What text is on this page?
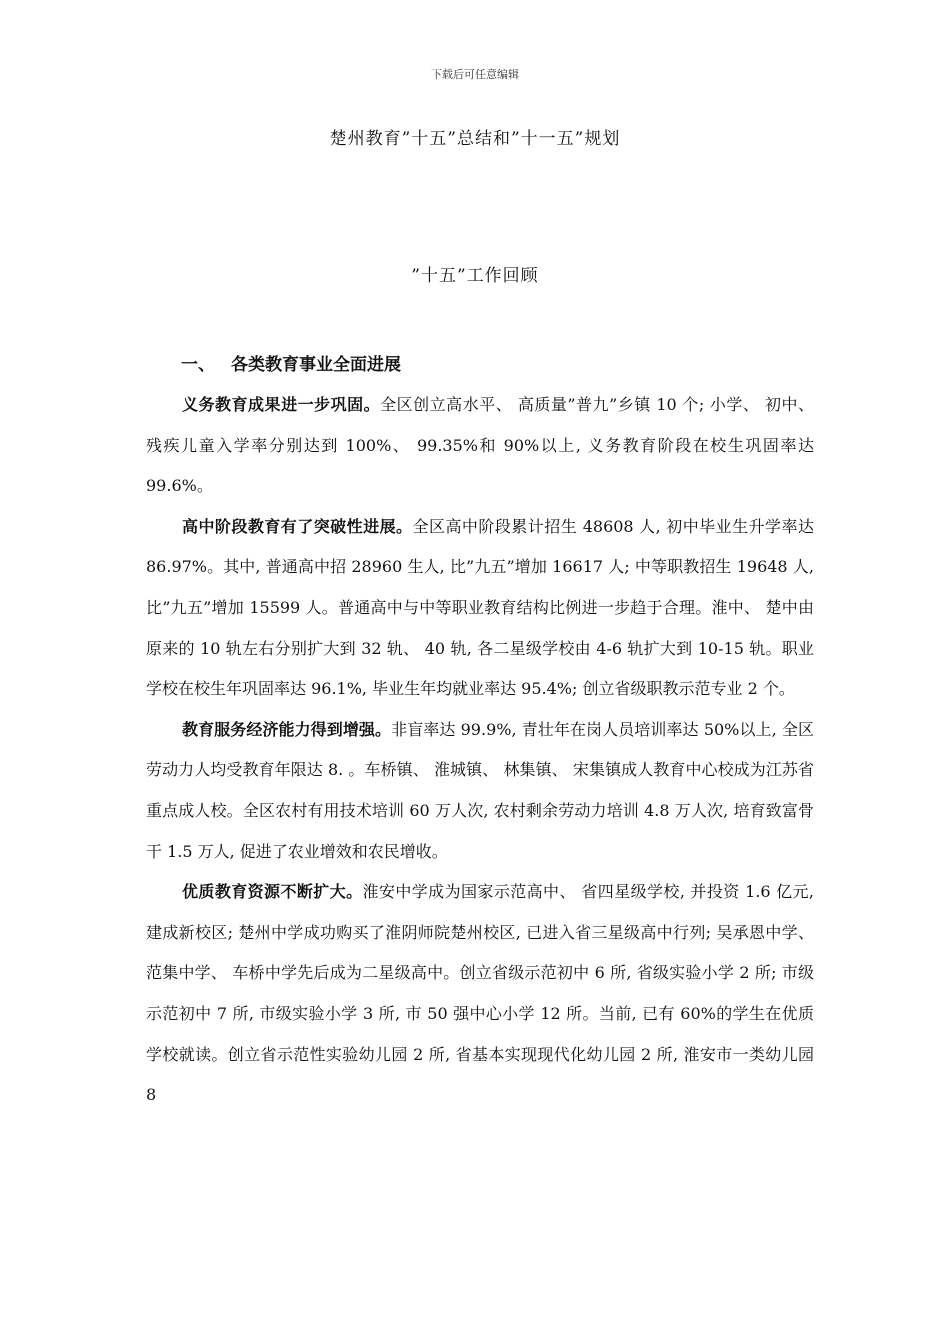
下载后可任意编辑
楚州教育”十五”总结和”十一五”规划
”十五”工作回顾
一、 各类教育事业全面进展

义务教育成果进一步巩固。全区创立高水平、 高质量”普九”乡镇 10 个; 小学、 初中、 残疾儿童入学率分别达到 100%、 99.35%和 90%以上, 义务教育阶段在校生巩固率达 99.6%。

高中阶段教育有了突破性进展。全区高中阶段累计招生 48608 人, 初中毕业生升学率达 86.97%。其中, 普通高中招 28960 生人, 比”九五”增加 16617 人; 中等职教招生 19648 人, 比”九五”增加 15599 人。普通高中与中等职业教育结构比例进一步趋于合理。淮中、 楚中由原来的 10 轨左右分别扩大到 32 轨、 40 轨, 各二星级学校由 4-6 轨扩大到 10-15 轨。职业学校在校生年巩固率达 96.1%, 毕业生年均就业率达 95.4%; 创立省级职教示范专业 2 个。

教育服务经济能力得到增强。非盲率达 99.9%, 青壮年在岗人员培训率达 50%以上, 全区劳动力人均受教育年限达 8. 。车桥镇、 淮城镇、 林集镇、 宋集镇成人教育中心校成为江苏省重点成人校。全区农村有用技术培训 60 万人次, 农村剩余劳动力培训 4.8 万人次, 培育致富骨干 1.5 万人, 促进了农业增效和农民增收。

优质教育资源不断扩大。淮安中学成为国家示范高中、 省四星级学校, 并投资 1.6 亿元, 建成新校区; 楚州中学成功购买了淮阴师院楚州校区, 已进入省三星级高中行列; 吴承恩中学、 范集中学、 车桥中学先后成为二星级高中。创立省级示范初中 6 所, 省级实验小学 2 所; 市级示范初中 7 所, 市级实验小学 3 所, 市 50 强中心小学 12 所。当前, 已有 60%的学生在优质学校就读。创立省示范性实验幼儿园 2 所, 省基本实现现代化幼儿园 2 所, 淮安市一类幼儿园 8
